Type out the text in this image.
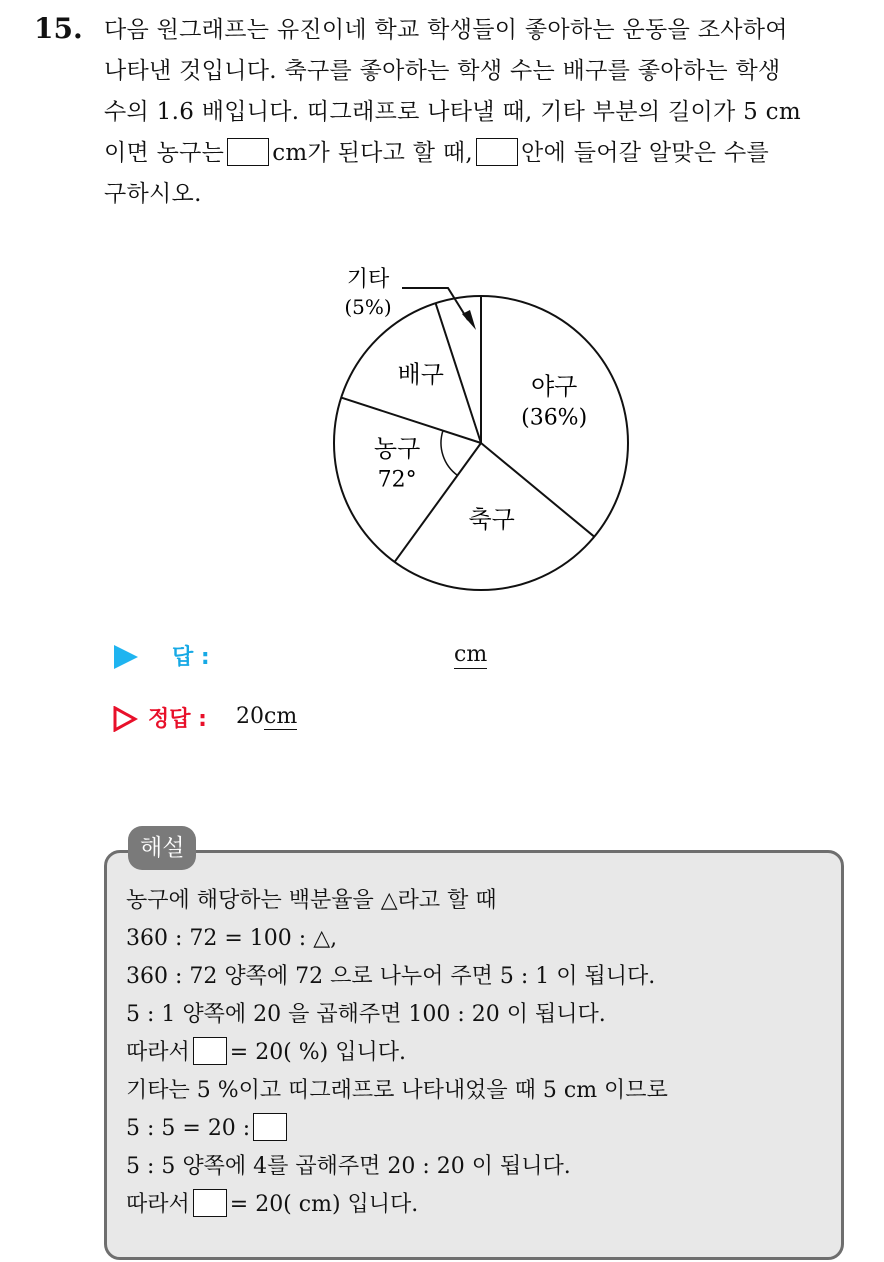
15. 다음 원그래프는 유진이네 학교 학생들이 좋아하는 운동을 조사하여
나타낸 것입니다. 축구를 좋아하는 학생 수는 배구를 좋아하는 학생
수의 1.6 배입니다. 띠그래프로 나타낼 때, 기타 부분의 길이가 5 cm
이면 농구는 cm가 된다고 할 때, 안에 들어갈 알맞은 수를
구하시오.
야구
(36%)
축구
농구
72°
배구
기타
(5%)
답 :	cm
정답 : 20cm
해설
농구에 해당하는 백분율을 △라고 할 때
360 : 72 = 100 : △,
360 : 72 양쪽에 72 으로 나누어 주면 5 : 1 이 됩니다.
5 : 1 양쪽에 20 을 곱해주면 100 : 20 이 됩니다.
따라서 = 20( %) 입니다.
기타는 5 %이고 띠그래프로 나타내었을 때 5 cm 이므로
5 : 5 = 20 :
5 : 5 양쪽에 4를 곱해주면 20 : 20 이 됩니다.
따라서 = 20( cm) 입니다.
